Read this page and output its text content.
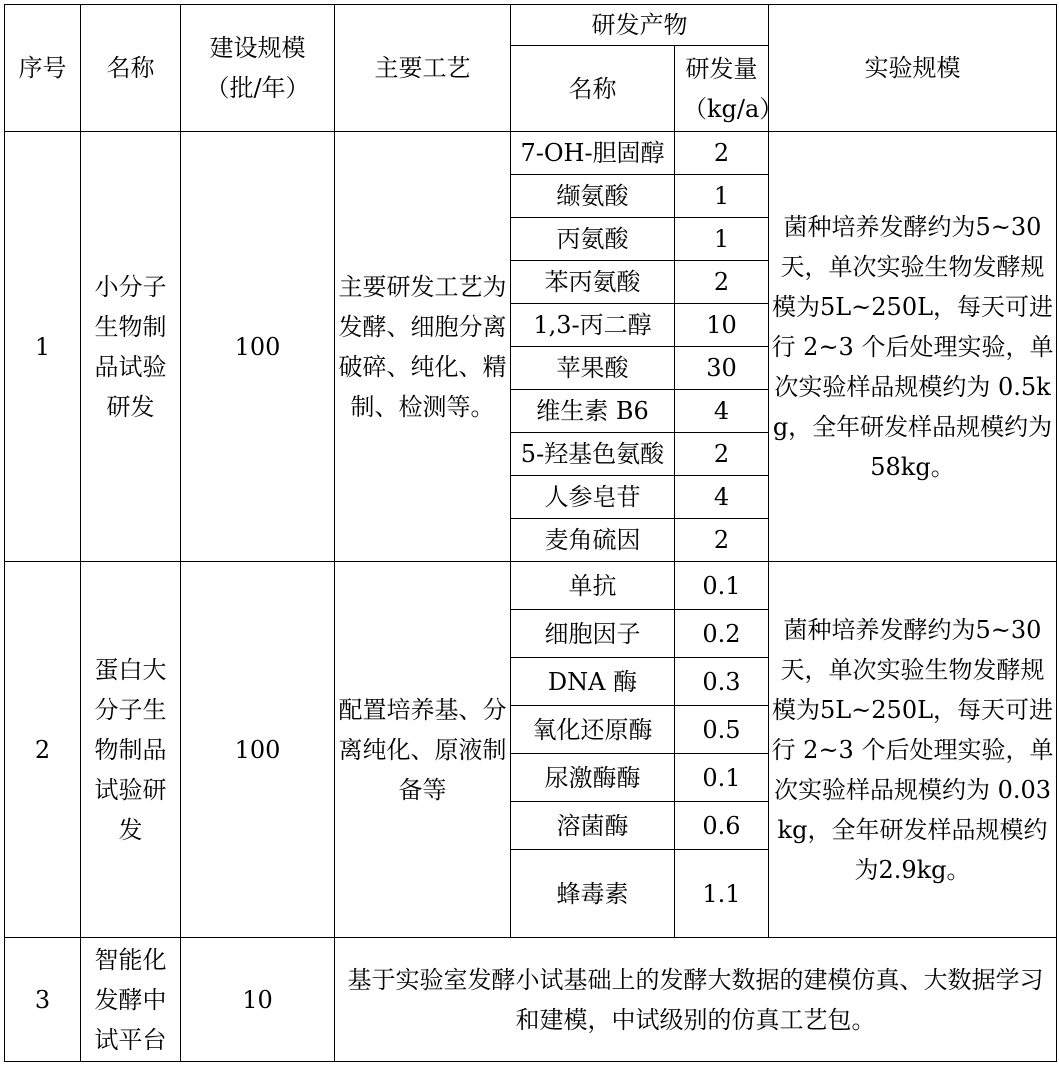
序号	名称	建设规模（批/年）	主要工艺	研发产物		实验规模
				名称	研发量（kg/a）	
1	小分子生物制品试验研发	100	主要研发工艺为发酵、细胞分离破碎、纯化、精制、检测等。	7-OH-胆固醇	2	菌种培养发酵约为5~30 天，单次实验生物发酵规模为5L~250L，每天可进行 2~3 个后处理实验，单次实验样品规模约为 0.5kg，全年研发样品规模约为58kg。
				缬氨酸	1	
				丙氨酸	1	
				苯丙氨酸	2	
				1,3-丙二醇	10	
				苹果酸	30	
				维生素 B6	4	
				5-羟基色氨酸	2	
				人参皂苷	4	
				麦角硫因	2	
2	蛋白大分子生物制品试验研发	100	配置培养基、分离纯化、原液制备等	单抗	0.1	菌种培养发酵约为5~30 天，单次实验生物发酵规模为5L~250L，每天可进行 2~3 个后处理实验，单次实验样品规模约为 0.03kg，全年研发样品规模约为2.9kg。
				细胞因子	0.2	
				DNA 酶	0.3	
				氧化还原酶	0.5	
				尿激酶酶	0.1	
				溶菌酶	0.6	
				蜂毒素	1.1	
3	智能化发酵中试平台	10	基于实验室发酵小试基础上的发酵大数据的建模仿真、大数据学习和建模，中试级别的仿真工艺包。			
